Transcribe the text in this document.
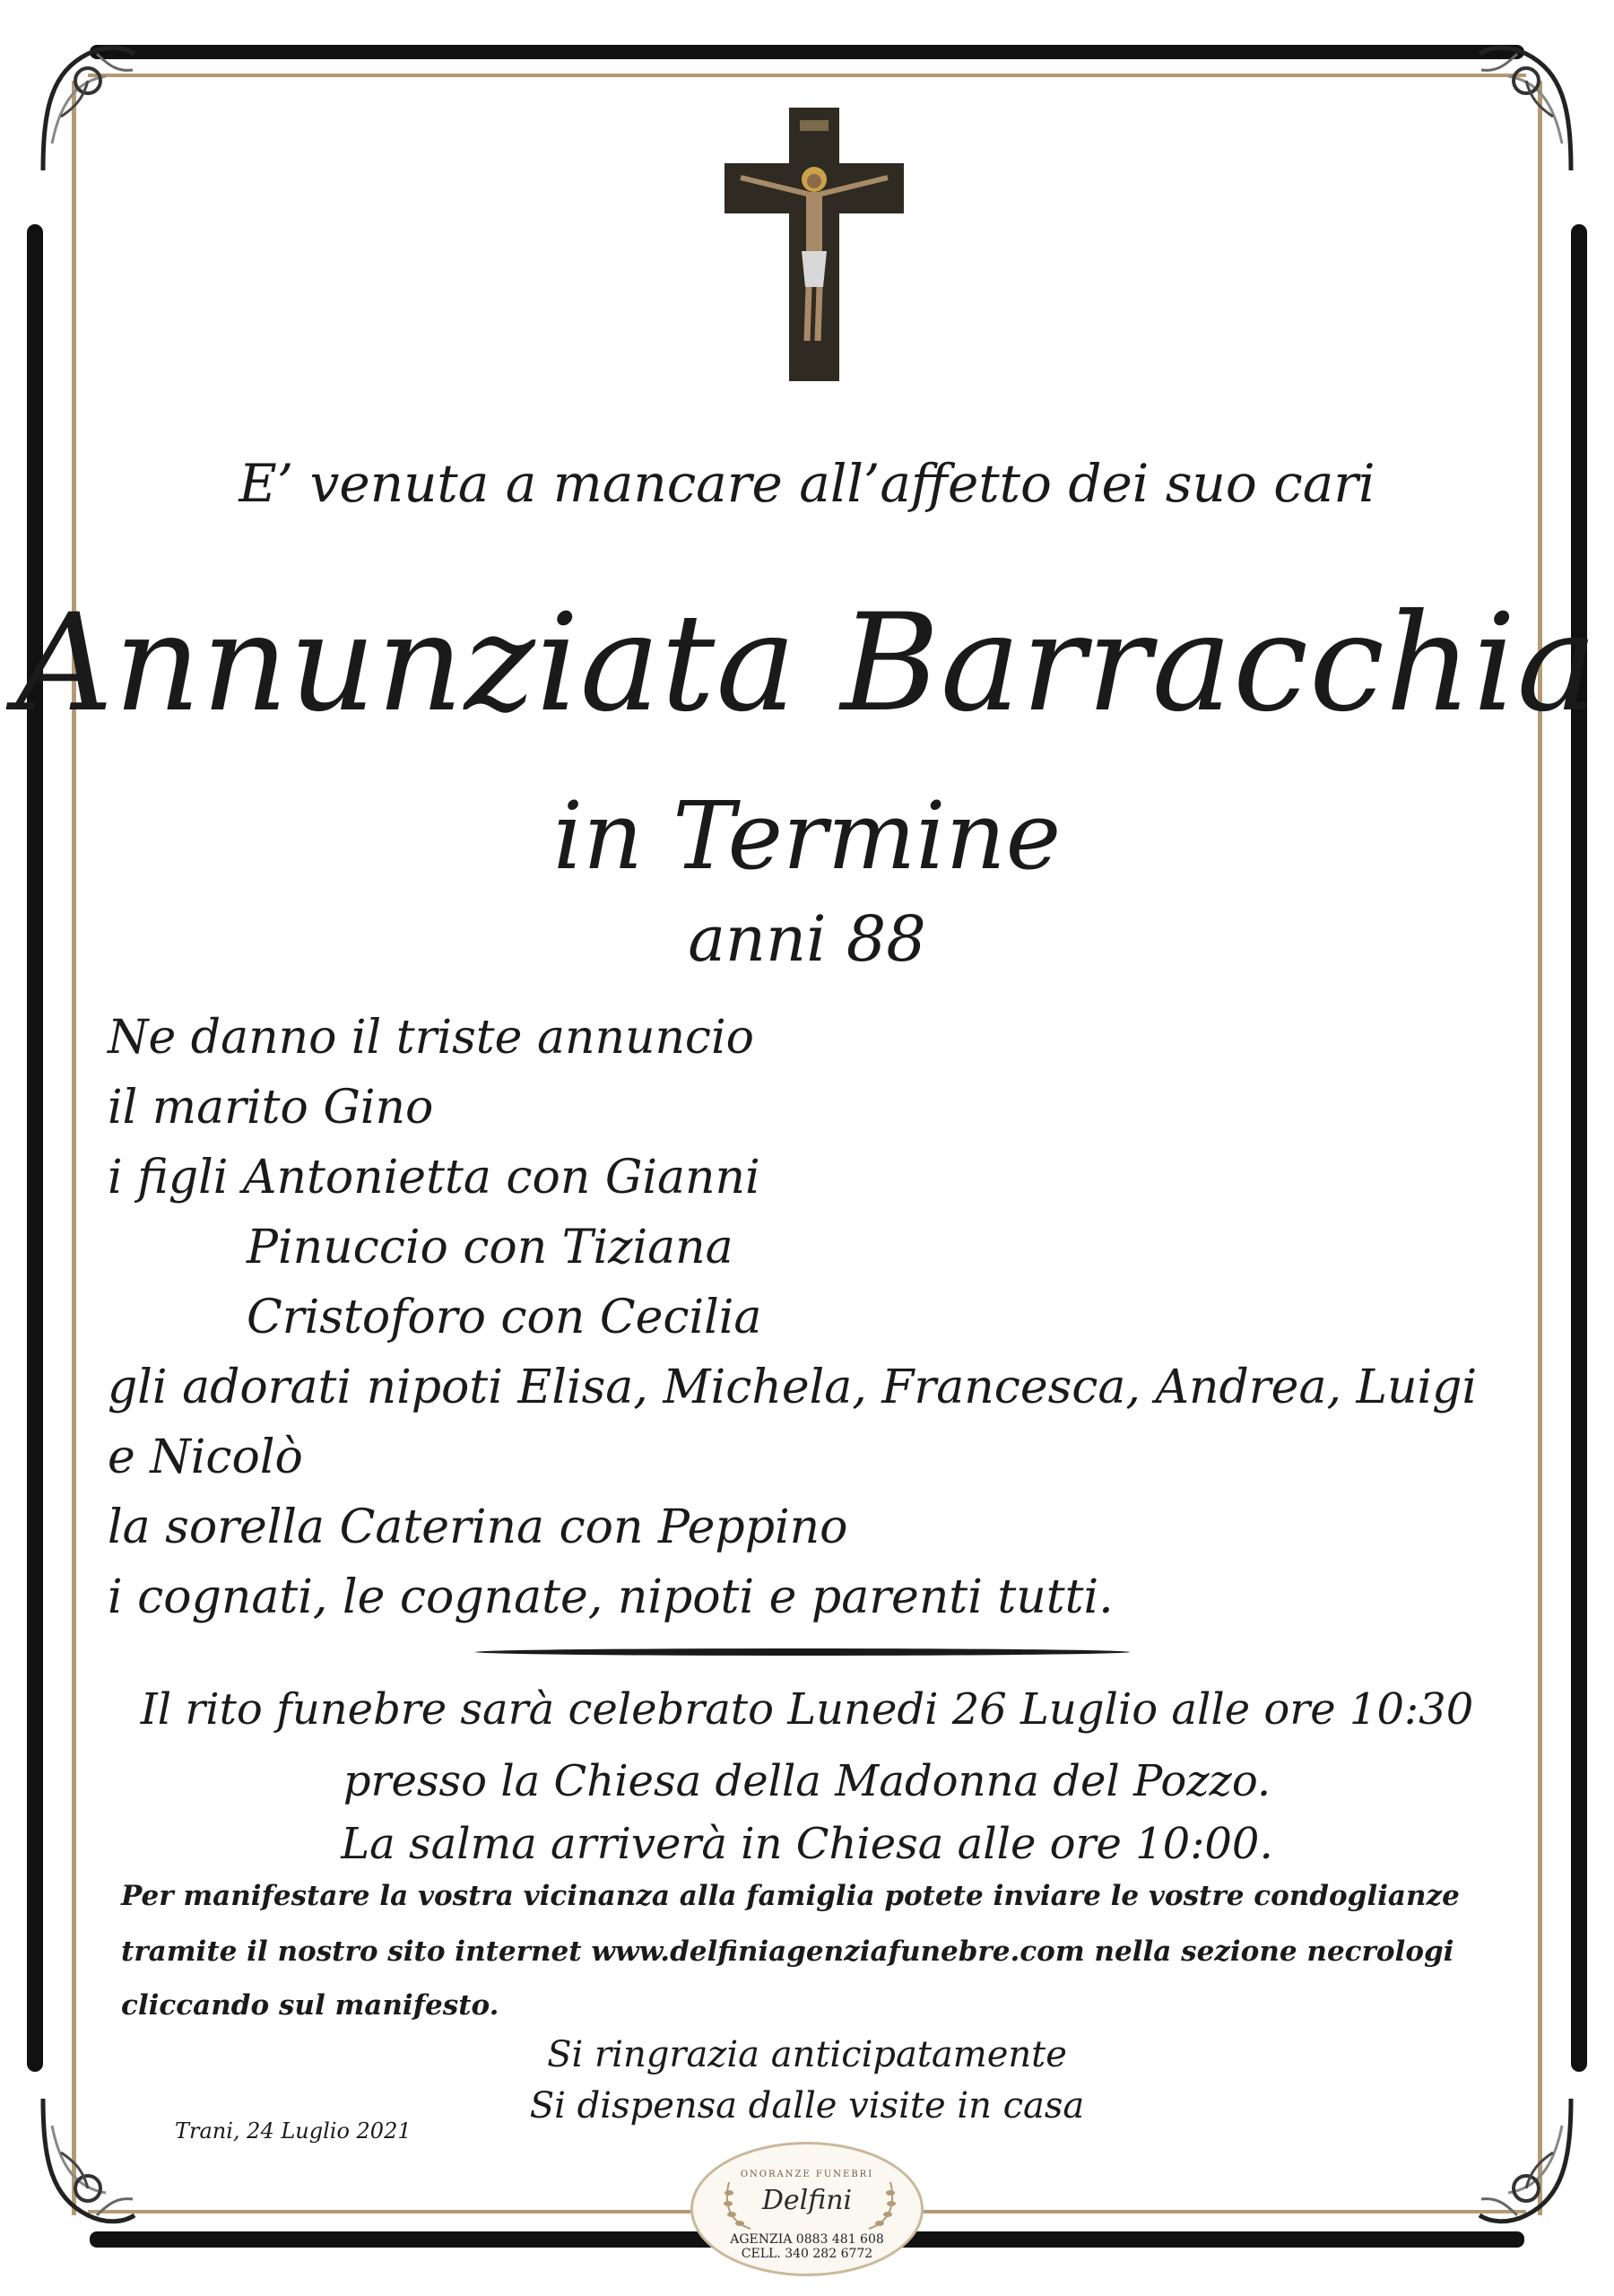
E’ venuta a mancare all’affetto dei suo cari
Annunziata Barracchia
in Termine
anni 88
Ne danno il triste annuncio
il marito Gino
i figli Antonietta con Gianni
Pinuccio con Tiziana
Cristoforo con Cecilia
gli adorati nipoti Elisa, Michela, Francesca, Andrea, Luigi
e Nicolò
la sorella Caterina con Peppino
i cognati, le cognate, nipoti e parenti tutti.
Il rito funebre sarà celebrato Lunedi 26 Luglio alle ore 10:30
presso la Chiesa della Madonna del Pozzo.
La salma arriverà in Chiesa alle ore 10:00.
Per manifestare la vostra vicinanza alla famiglia potete inviare le vostre condoglianze
tramite il nostro sito internet www.delfiniagenziafunebre.com nella sezione necrologi
cliccando sul manifesto.
Si ringrazia anticipatamente
Si dispensa dalle visite in casa
Trani, 24 Luglio 2021
ONORANZE FUNEBRI
Delfini
AGENZIA 0883 481 608
CELL. 340 282 6772
